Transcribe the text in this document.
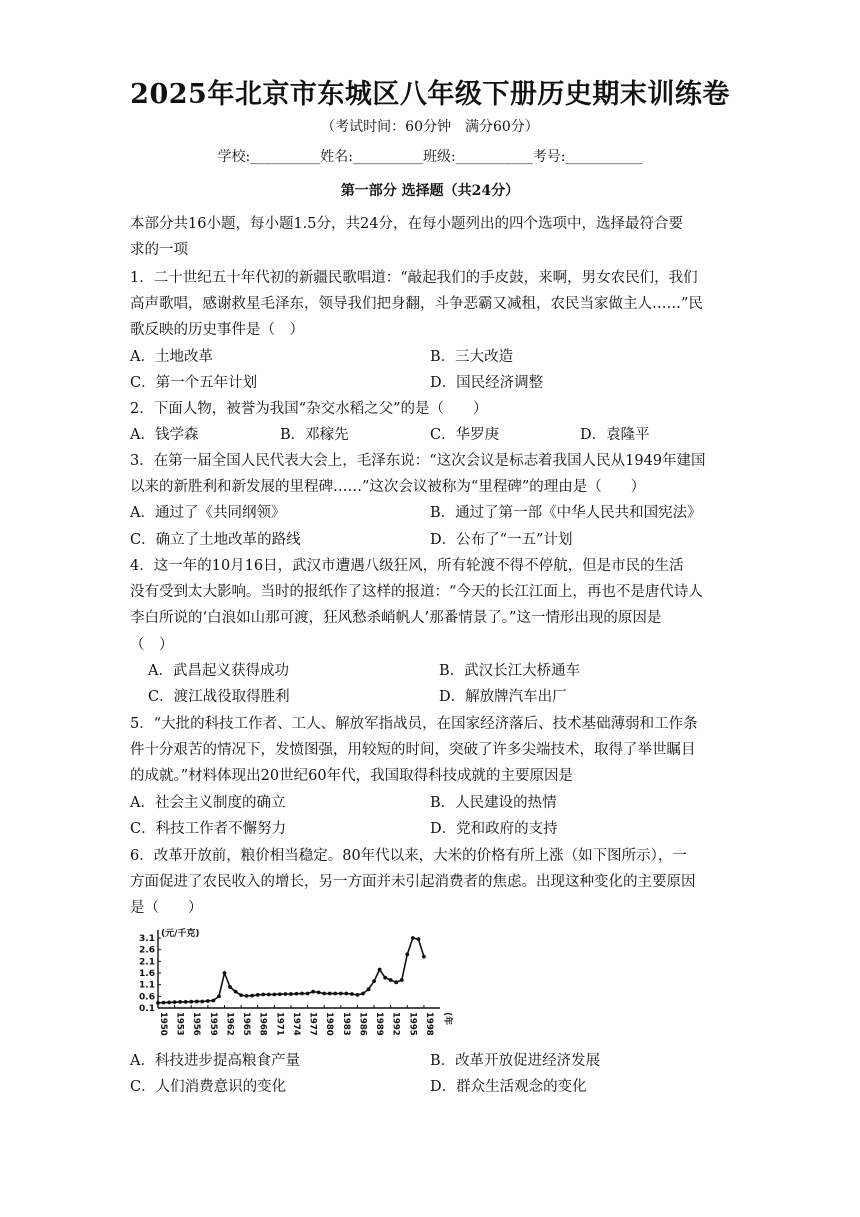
2025年北京市东城区八年级下册历史期末训练卷
（考试时间：60分钟　满分60分）
学校:__________姓名:__________班级:___________考号:___________
第一部分 选择题（共24分）

本部分共16小题，每小题1.5分，共24分，在每小题列出的四个选项中，选择最符合要

求的一项

1．二十世纪五十年代初的新疆民歌唱道：“敲起我们的手皮鼓，来啊，男女农民们，我们

高声歌唱，感谢救星毛泽东，领导我们把身翻，斗争恶霸又减租，农民当家做主人……”民

歌反映的历史事件是（　）

A．土地改革	B．三大改造
C．第一个五年计划	D．国民经济调整

2．下面人物，被誉为我国“杂交水稻之父”的是（　　）

A．钱学森	B．邓稼先	C．华罗庚	D．袁隆平

3．在第一届全国人民代表大会上，毛泽东说：“这次会议是标志着我国人民从1949年建国

以来的新胜利和新发展的里程碑……”这次会议被称为“里程碑”的理由是（　　）

A．通过了《共同纲领》	B．通过了第一部《中华人民共和国宪法》
C．确立了土地改革的路线	D．公布了“一五”计划

4．这一年的10月16日，武汉市遭遇八级狂风，所有轮渡不得不停航，但是市民的生活

没有受到太大影响。当时的报纸作了这样的报道：“今天的长江江面上，再也不是唐代诗人

李白所说的‘白浪如山那可渡，狂风愁杀峭帆人’那番情景了。”这一情形出现的原因是

（　）

A．武昌起义获得成功	B．武汉长江大桥通车
C．渡江战役取得胜利	D．解放牌汽车出厂

5．“大批的科技工作者、工人、解放军指战员，在国家经济落后、技术基础薄弱和工作条

件十分艰苦的情况下，发愤图强，用较短的时间，突破了许多尖端技术，取得了举世瞩目

的成就。”材料体现出20世纪60年代，我国取得科技成就的主要原因是

A．社会主义制度的确立	B．人民建设的热情
C．科技工作者不懈努力	D．党和政府的支持

6．改革开放前，粮价相当稳定。80年代以来，大米的价格有所上涨（如下图所示），一

方面促进了农民收入的增长，另一方面并未引起消费者的焦虑。出现这种变化的主要原因

是（　　）

3.1
2.6
2.1
1.6
1.1
0.6
0.1
(元/千克)
1950 1953 1956 1959 1962 1965 1968 1971 1974 1977 1980 1983 1986 1989 1992 1995 1998 (年
A．科技进步提高粮食产量	B．改革开放促进经济发展
C．人们消费意识的变化	D．群众生活观念的变化
